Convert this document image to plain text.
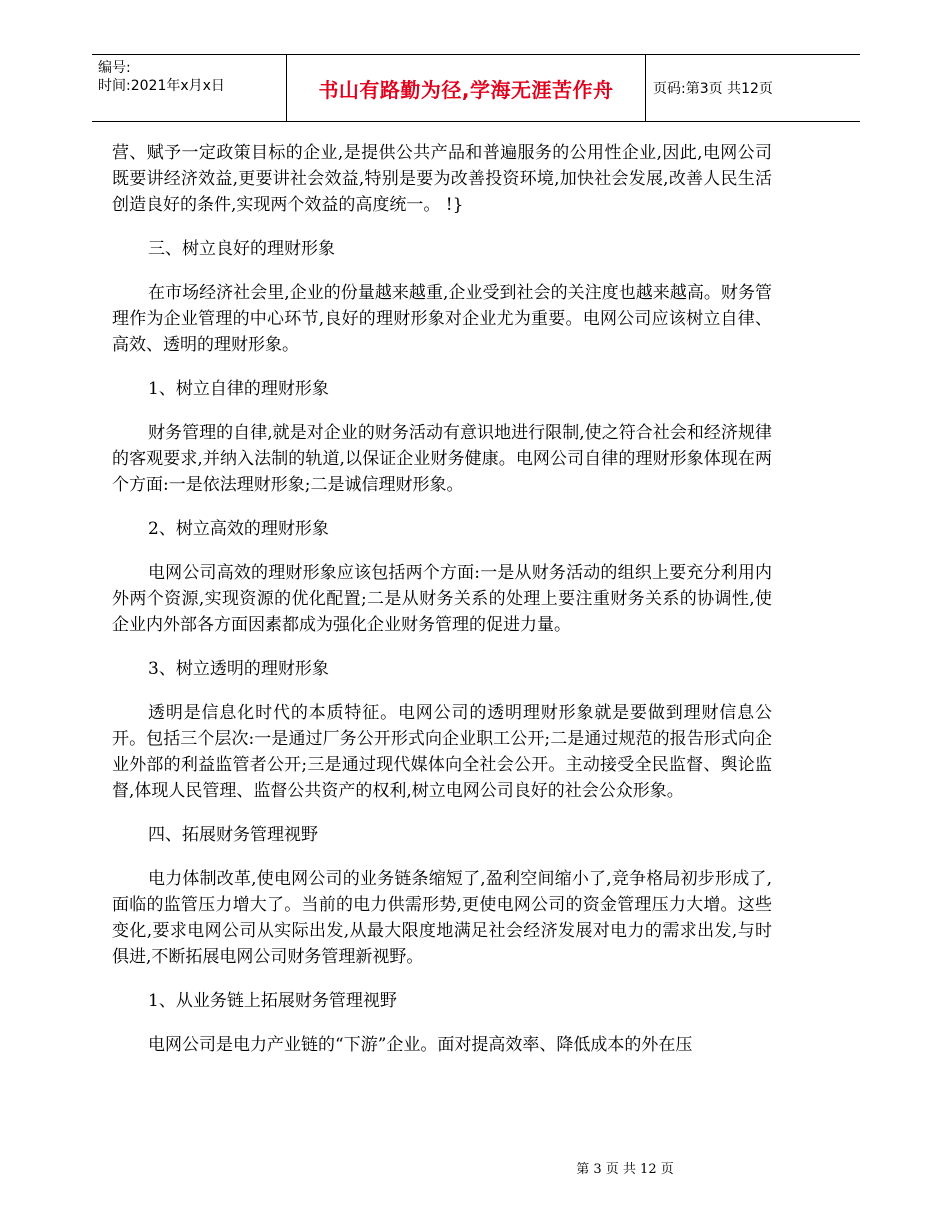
编号:
时间:2021年x月x日	书山有路勤为径,学海无涯苦作舟	页码:第3页 共12页

营、赋予一定政策目标的企业,是提供公共产品和普遍服务的公用性企业,因此,电网公司既要讲经济效益,更要讲社会效益,特别是要为改善投资环境,加快社会发展,改善人民生活创造良好的条件,实现两个效益的高度统一。 !}

三、树立良好的理财形象

在市场经济社会里,企业的份量越来越重,企业受到社会的关注度也越来越高。财务管理作为企业管理的中心环节,良好的理财形象对企业尤为重要。电网公司应该树立自律、高效、透明的理财形象。

1、树立自律的理财形象

财务管理的自律,就是对企业的财务活动有意识地进行限制,使之符合社会和经济规律的客观要求,并纳入法制的轨道,以保证企业财务健康。电网公司自律的理财形象体现在两个方面:一是依法理财形象;二是诚信理财形象。

2、树立高效的理财形象

电网公司高效的理财形象应该包括两个方面:一是从财务活动的组织上要充分利用内外两个资源,实现资源的优化配置;二是从财务关系的处理上要注重财务关系的协调性,使企业内外部各方面因素都成为强化企业财务管理的促进力量。

3、树立透明的理财形象

透明是信息化时代的本质特征。电网公司的透明理财形象就是要做到理财信息公开。包括三个层次:一是通过厂务公开形式向企业职工公开;二是通过规范的报告形式向企业外部的利益监管者公开;三是通过现代媒体向全社会公开。主动接受全民监督、舆论监督,体现人民管理、监督公共资产的权利,树立电网公司良好的社会公众形象。

四、拓展财务管理视野

电力体制改革,使电网公司的业务链条缩短了,盈利空间缩小了,竞争格局初步形成了,面临的监管压力增大了。当前的电力供需形势,更使电网公司的资金管理压力大增。这些变化,要求电网公司从实际出发,从最大限度地满足社会经济发展对电力的需求出发,与时俱进,不断拓展电网公司财务管理新视野。

1、从业务链上拓展财务管理视野

电网公司是电力产业链的“下游”企业。面对提高效率、降低成本的外在压

第 3 页 共 12 页
